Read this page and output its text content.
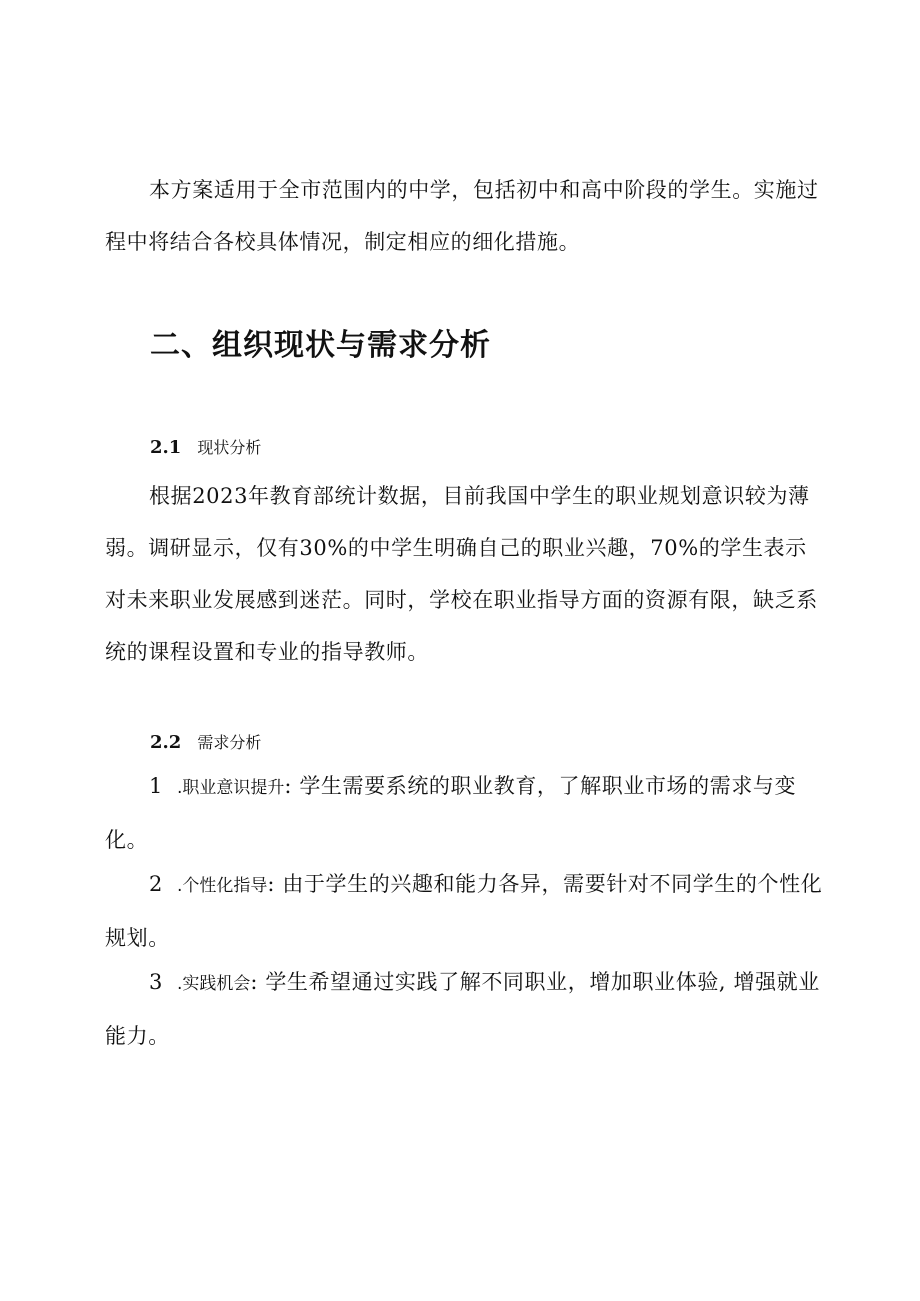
本方案适用于全市范围内的中学，包括初中和高中阶段的学生。实施过程中将结合各校具体情况，制定相应的细化措施。

二、组织现状与需求分析
2.1 现状分析

根据2023年教育部统计数据，目前我国中学生的职业规划意识较为薄弱。调研显示，仅有30%的中学生明确自己的职业兴趣，70%的学生表示对未来职业发展感到迷茫。同时，学校在职业指导方面的资源有限，缺乏系统的课程设置和专业的指导教师。

2.2 需求分析

1 .职业意识提升: 学生需要系统的职业教育，了解职业市场的需求与变化。

2 .个性化指导: 由于学生的兴趣和能力各异，需要针对不同学生的个性化规划。

3 .实践机会: 学生希望通过实践了解不同职业，增加职业体验, 增强就业能力。
